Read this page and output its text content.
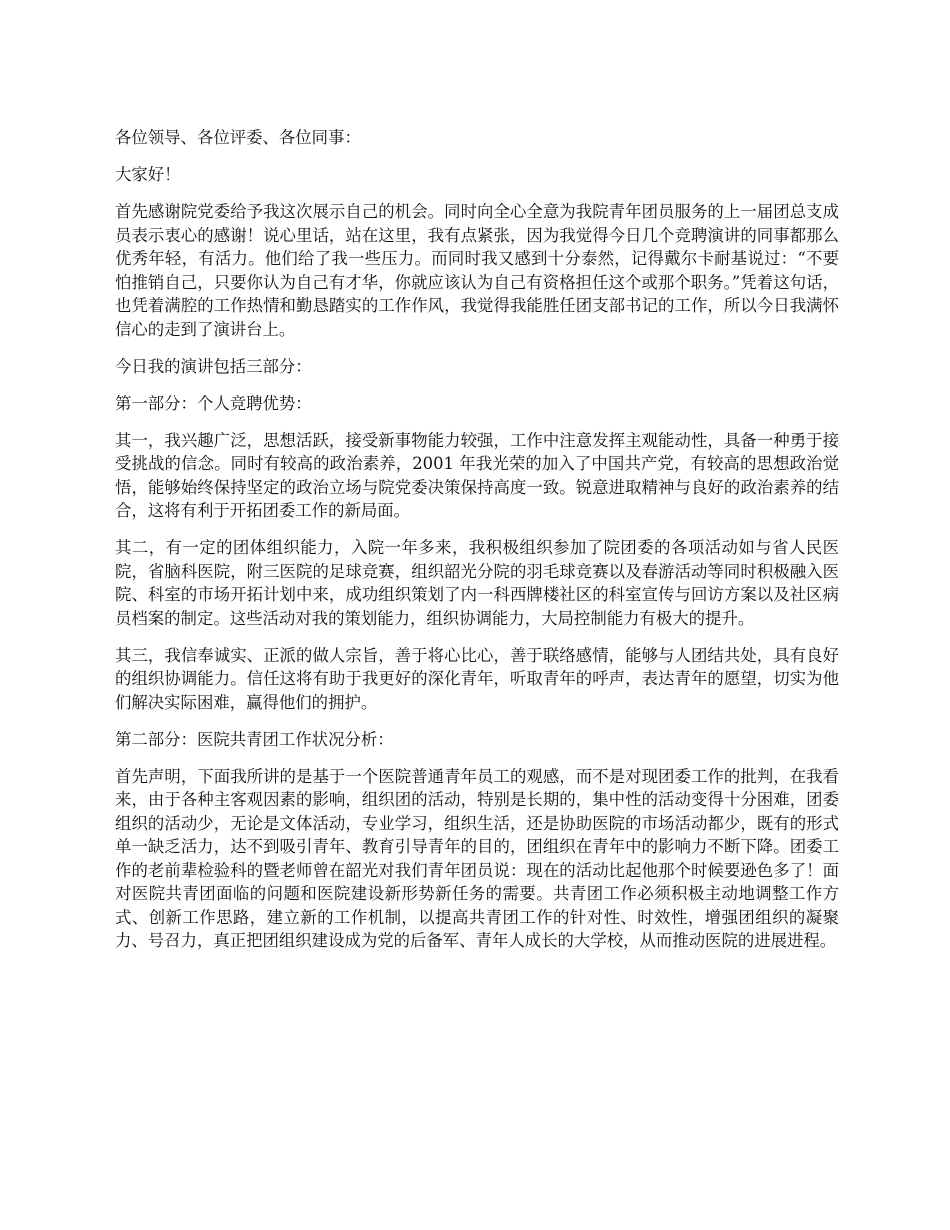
各位领导、各位评委、各位同事：

大家好！

首先感谢院党委给予我这次展示自己的机会。同时向全心全意为我院青年团员服务的上一届团总支成员表示衷心的感谢！说心里话，站在这里，我有点紧张，因为我觉得今日几个竞聘演讲的同事都那么优秀年轻，有活力。他们给了我一些压力。而同时我又感到十分泰然，记得戴尔卡耐基说过：“不要怕推销自己，只要你认为自己有才华，你就应该认为自己有资格担任这个或那个职务。”凭着这句话，也凭着满腔的工作热情和勤恳踏实的工作作风，我觉得我能胜任团支部书记的工作，所以今日我满怀信心的走到了演讲台上。

今日我的演讲包括三部分：

第一部分：个人竞聘优势：

其一，我兴趣广泛，思想活跃，接受新事物能力较强，工作中注意发挥主观能动性，具备一种勇于接受挑战的信念。同时有较高的政治素养，2001 年我光荣的加入了中国共产党，有较高的思想政治觉悟，能够始终保持坚定的政治立场与院党委决策保持高度一致。锐意进取精神与良好的政治素养的结合，这将有利于开拓团委工作的新局面。

其二，有一定的团体组织能力，入院一年多来，我积极组织参加了院团委的各项活动如与省人民医院，省脑科医院，附三医院的足球竞赛，组织韶光分院的羽毛球竞赛以及春游活动等同时积极融入医院、科室的市场开拓计划中来，成功组织策划了内一科西牌楼社区的科室宣传与回访方案以及社区病员档案的制定。这些活动对我的策划能力，组织协调能力，大局控制能力有极大的提升。

其三，我信奉诚实、正派的做人宗旨，善于将心比心，善于联络感情，能够与人团结共处，具有良好的组织协调能力。信任这将有助于我更好的深化青年，听取青年的呼声，表达青年的愿望，切实为他们解决实际困难，赢得他们的拥护。

第二部分：医院共青团工作状况分析：

首先声明，下面我所讲的是基于一个医院普通青年员工的观感，而不是对现团委工作的批判，在我看来，由于各种主客观因素的影响，组织团的活动，特别是长期的，集中性的活动变得十分困难，团委组织的活动少，无论是文体活动，专业学习，组织生活，还是协助医院的市场活动都少，既有的形式单一缺乏活力，达不到吸引青年、教育引导青年的目的，团组织在青年中的影响力不断下降。团委工作的老前辈检验科的暨老师曾在韶光对我们青年团员说：现在的活动比起他那个时候要逊色多了！面对医院共青团面临的问题和医院建设新形势新任务的需要。共青团工作必须积极主动地调整工作方式、创新工作思路，建立新的工作机制，以提高共青团工作的针对性、时效性，增强团组织的凝聚力、号召力，真正把团组织建设成为党的后备军、青年人成长的大学校，从而推动医院的进展进程。
